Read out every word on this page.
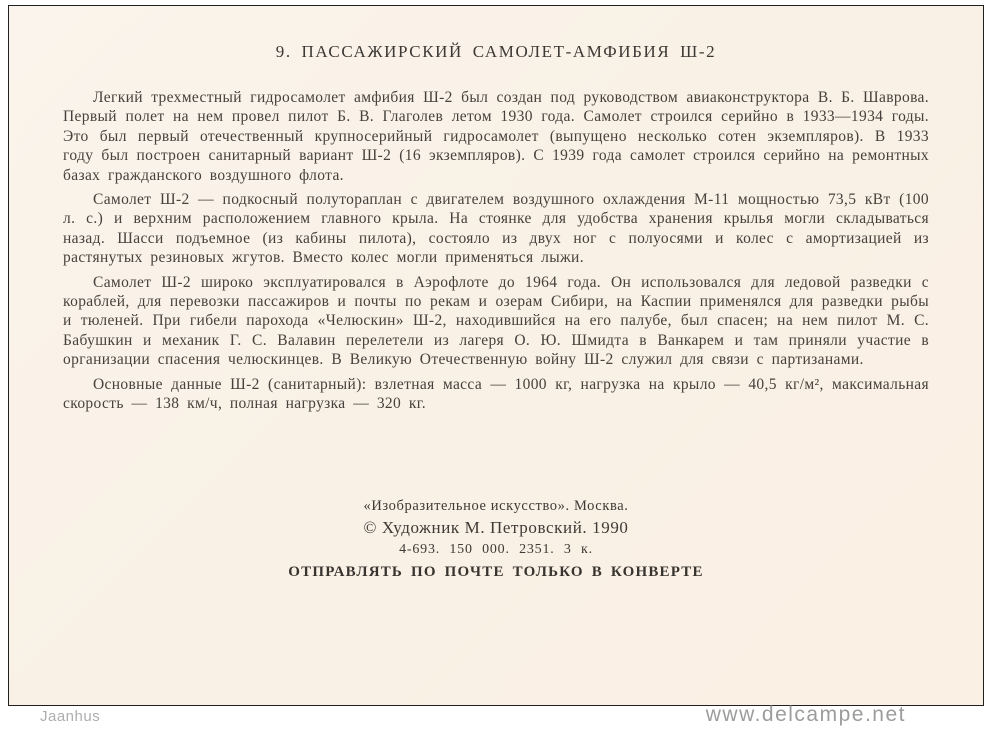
9. ПАССАЖИРСКИЙ САМОЛЕТ-АМФИБИЯ Ш-2

Легкий трехместный гидросамолет амфибия Ш-2 был создан под руководством авиаконструктора В. Б. Шаврова. Первый полет на нем провел пилот Б. В. Глаголев летом 1930 года. Самолет строился серийно в 1933—1934 годы. Это был первый отечественный крупносерийный гидросамолет (выпущено несколько сотен экземпляров). В 1933 году был построен санитарный вариант Ш-2 (16 экземпляров). С 1939 года самолет строился серийно на ремонтных базах гражданского воздушного флота.

Самолет Ш-2 — подкосный полутораплан с двигателем воздушного охлаждения М-11 мощностью 73,5 кВт (100 л. с.) и верхним расположением главного крыла. На стоянке для удобства хранения крылья могли складываться назад. Шасси подъемное (из кабины пилота), состояло из двух ног с полуосями и колес с амортизацией из растянутых резиновых жгутов. Вместо колес могли применяться лыжи.

Самолет Ш-2 широко эксплуатировался в Аэрофлоте до 1964 года. Он использовался для ледовой разведки с кораблей, для перевозки пассажиров и почты по рекам и озерам Сибири, на Каспии применялся для разведки рыбы и тюленей. При гибели парохода «Челюскин» Ш-2, находившийся на его палубе, был спасен; на нем пилот М. С. Бабушкин и механик Г. С. Валавин перелетели из лагеря О. Ю. Шмидта в Ванкарем и там приняли участие в организации спасения челюскинцев. В Великую Отечественную войну Ш-2 служил для связи с партизанами.

Основные данные Ш-2 (санитарный): взлетная масса — 1000 кг, нагрузка на крыло — 40,5 кг/м², максимальная скорость — 138 км/ч, полная нагрузка — 320 кг.

«Изобразительное искусство». Москва.

© Художник М. Петровский. 1990

4-693. 150 000. 2351. 3 к.

ОТПРАВЛЯТЬ ПО ПОЧТЕ ТОЛЬКО В КОНВЕРТЕ

Jaanhus	www.delcampe.net
